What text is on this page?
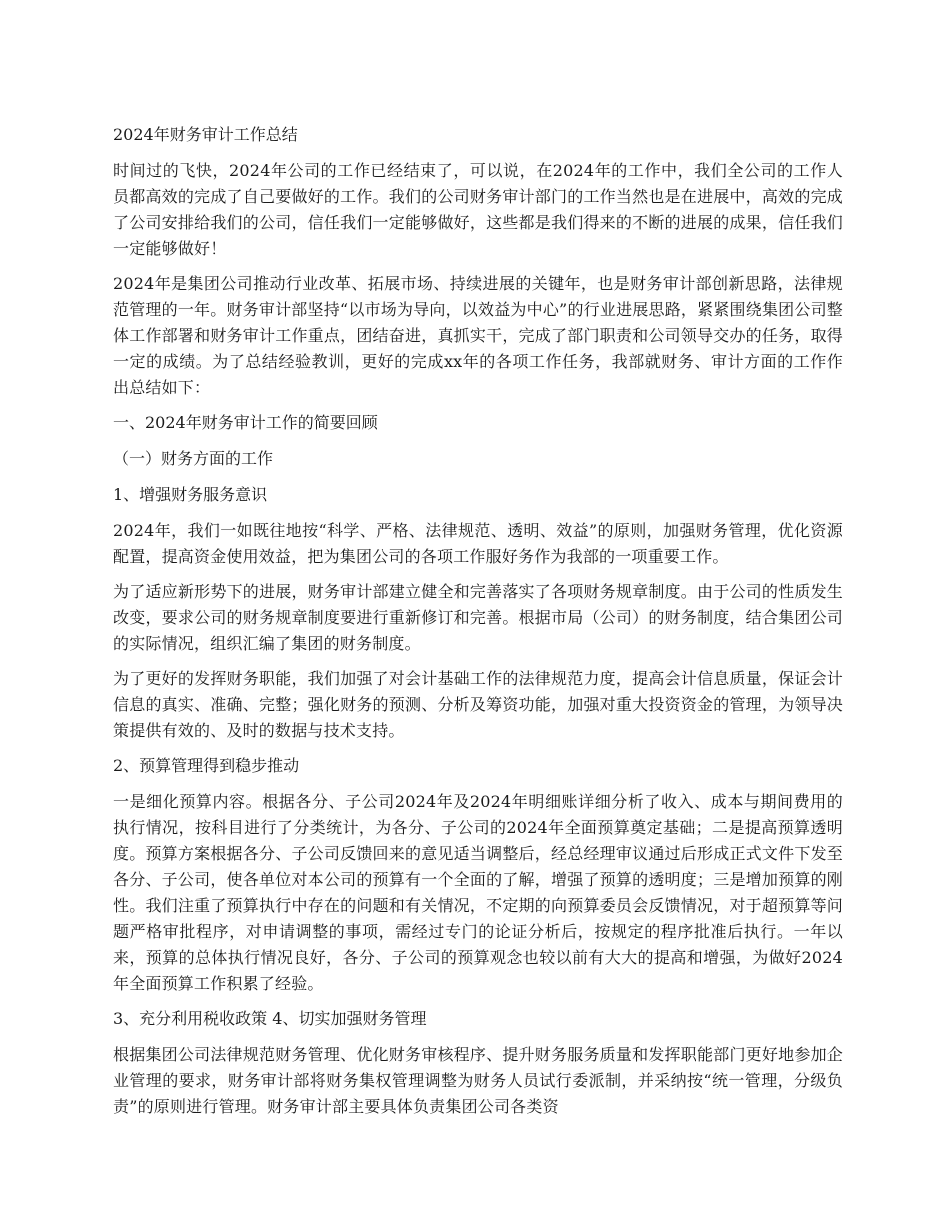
2024年财务审计工作总结

时间过的飞快，2024年公司的工作已经结束了，可以说，在2024年的工作中，我们全公司的工作人员都高效的完成了自己要做好的工作。我们的公司财务审计部门的工作当然也是在进展中，高效的完成了公司安排给我们的公司，信任我们一定能够做好，这些都是我们得来的不断的进展的成果，信任我们一定能够做好！

2024年是集团公司推动行业改革、拓展市场、持续进展的关键年，也是财务审计部创新思路，法律规范管理的一年。财务审计部坚持“以市场为导向，以效益为中心”的行业进展思路，紧紧围绕集团公司整体工作部署和财务审计工作重点，团结奋进，真抓实干，完成了部门职责和公司领导交办的任务，取得一定的成绩。为了总结经验教训，更好的完成xx年的各项工作任务，我部就财务、审计方面的工作作出总结如下：

一、2024年财务审计工作的简要回顾

（一）财务方面的工作

1、增强财务服务意识

2024年，我们一如既往地按“科学、严格、法律规范、透明、效益”的原则，加强财务管理，优化资源配置，提高资金使用效益，把为集团公司的各项工作服好务作为我部的一项重要工作。

为了适应新形势下的进展，财务审计部建立健全和完善落实了各项财务规章制度。由于公司的性质发生改变，要求公司的财务规章制度要进行重新修订和完善。根据市局（公司）的财务制度，结合集团公司的实际情况，组织汇编了集团的财务制度。

为了更好的发挥财务职能，我们加强了对会计基础工作的法律规范力度，提高会计信息质量，保证会计信息的真实、准确、完整；强化财务的预测、分析及筹资功能，加强对重大投资资金的管理，为领导决策提供有效的、及时的数据与技术支持。

2、预算管理得到稳步推动

一是细化预算内容。根据各分、子公司2024年及2024年明细账详细分析了收入、成本与期间费用的执行情况，按科目进行了分类统计，为各分、子公司的2024年全面预算奠定基础；二是提高预算透明度。预算方案根据各分、子公司反馈回来的意见适当调整后，经总经理审议通过后形成正式文件下发至各分、子公司，使各单位对本公司的预算有一个全面的了解，增强了预算的透明度；三是增加预算的刚性。我们注重了预算执行中存在的问题和有关情况，不定期的向预算委员会反馈情况，对于超预算等问题严格审批程序，对申请调整的事项，需经过专门的论证分析后，按规定的程序批准后执行。一年以来，预算的总体执行情况良好，各分、子公司的预算观念也较以前有大大的提高和增强，为做好2024年全面预算工作积累了经验。

3、充分利用税收政策 4、切实加强财务管理

根据集团公司法律规范财务管理、优化财务审核程序、提升财务服务质量和发挥职能部门更好地参加企业管理的要求，财务审计部将财务集权管理调整为财务人员试行委派制，并采纳按“统一管理，分级负责”的原则进行管理。财务审计部主要具体负责集团公司各类资
